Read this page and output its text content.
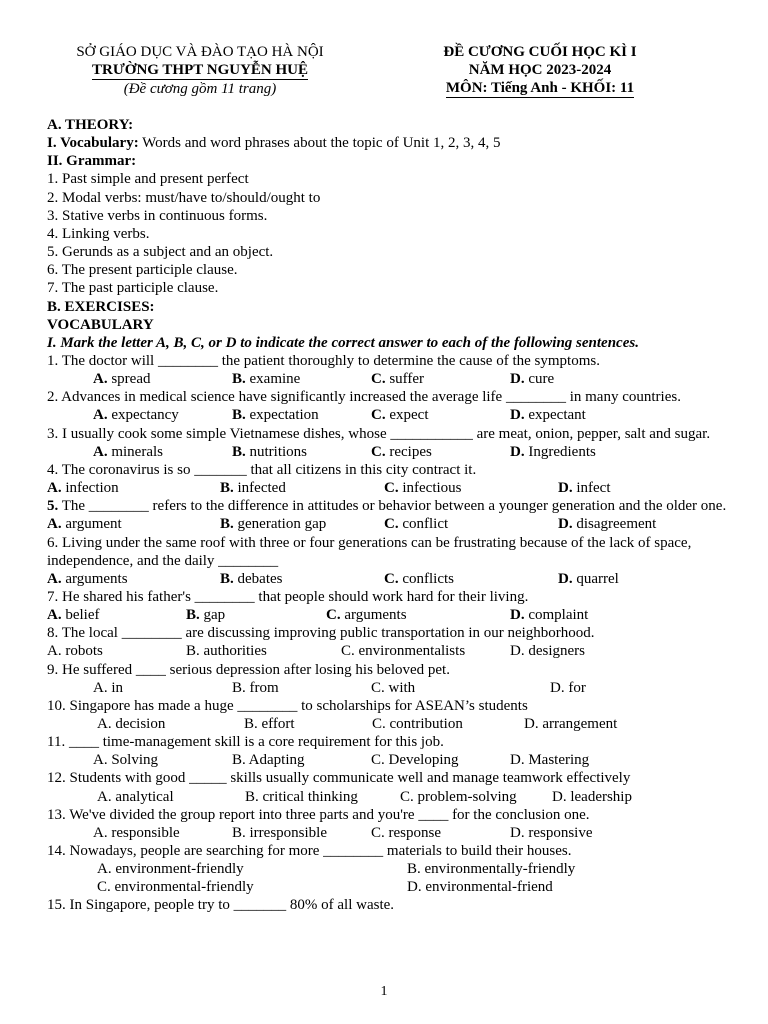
SỞ GIÁO DỤC VÀ ĐÀO TẠO HÀ NỘI
TRƯỜNG THPT NGUYỄN HUỆ
(Đề cương gồm 11 trang)
ĐỀ CƯƠNG CUỐI HỌC KÌ I
NĂM HỌC 2023-2024
MÔN: Tiếng Anh - KHỐI: 11
A. THEORY:
I. Vocabulary: Words and word phrases about the topic of Unit 1, 2, 3, 4, 5
II. Grammar:
1. Past simple and present perfect
2. Modal verbs: must/have to/should/ought to
3. Stative verbs in continuous forms.
4. Linking verbs.
5. Gerunds as a subject and an object.
6. The present participle clause.
7. The past participle clause.
B. EXERCISES:
VOCABULARY
I. Mark the letter A, B, C, or D to indicate the correct answer to each of the following sentences.
1. The doctor will ________ the patient thoroughly to determine the cause of the symptoms.
A. spread	B. examine	C. suffer	D. cure
2. Advances in medical science have significantly increased the average life ________ in many countries.
A. expectancy	B. expectation	C. expect	D. expectant
3. I usually cook some simple Vietnamese dishes, whose ___________ are meat, onion, pepper, salt and sugar.
A. minerals	B. nutritions	C. recipes	D. Ingredients
4. The coronavirus is so _______ that all citizens in this city contract it.
A. infection	B. infected	C. infectious	D. infect
5. The ________ refers to the difference in attitudes or behavior between a younger generation and the older one.
A. argument	B. generation gap	C. conflict	D. disagreement
6. Living under the same roof with three or four generations can be frustrating because of the lack of space, independence, and the daily ________
A. arguments	B. debates	C. conflicts	D. quarrel
7. He shared his father's ________ that people should work hard for their living.
A. belief	B. gap	C. arguments	D. complaint
8. The local ________ are discussing improving public transportation in our neighborhood.
A. robots	B. authorities	C. environmentalists	D. designers
9. He suffered ____ serious depression after losing his beloved pet.
A. in	B. from	C. with	D. for
10. Singapore has made a huge ________ to scholarships for ASEAN’s students
A. decision	B. effort	C. contribution	D. arrangement
11. ____ time-management skill is a core requirement for this job.
A. Solving	B. Adapting	C. Developing	D. Mastering
12. Students with good _____ skills usually communicate well and manage teamwork effectively
A. analytical	B. critical thinking	C. problem-solving D. leadership
13. We've divided the group report into three parts and you're ____ for the conclusion one.
A. responsible	B. irresponsible	C. response	D. responsive
14. Nowadays, people are searching for more ________ materials to build their houses.
A. environment-friendly	B. environmentally-friendly
C. environmental-friendly	D. environmental-friend
15. In Singapore, people try to _______ 80% of all waste.
1
